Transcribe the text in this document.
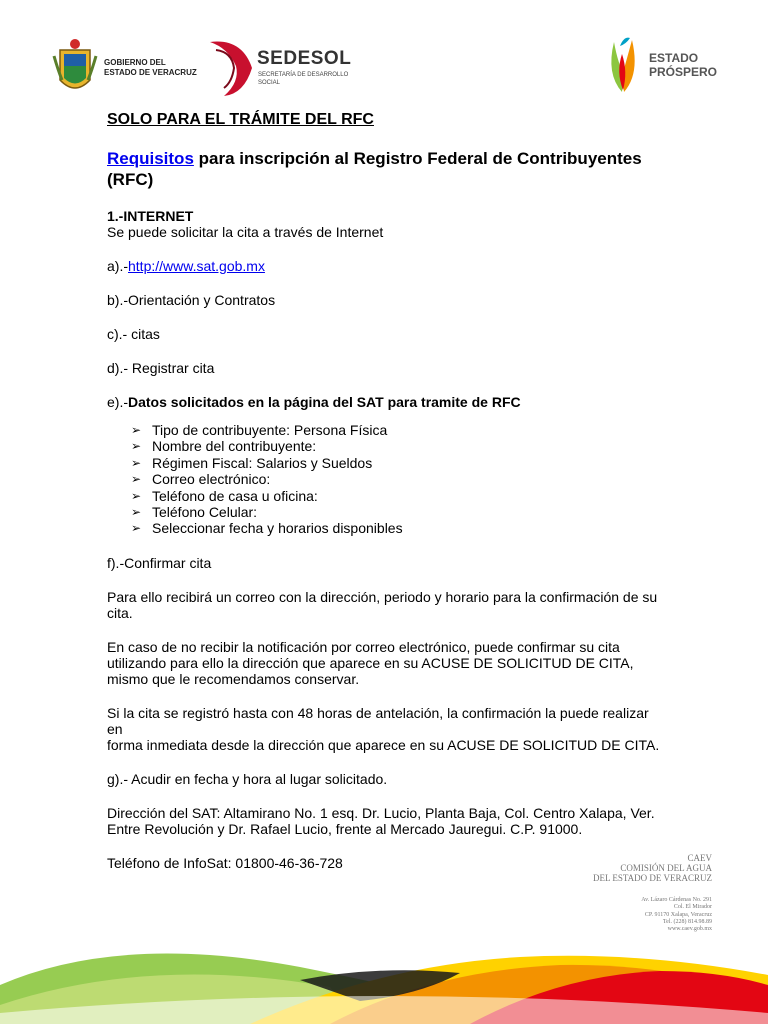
GOBIERNO DEL
ESTADO DE VERACRUZ
SEDESOL
SECRETARÍA DE DESARROLLO
SOCIAL
ESTADO
PRÓSPERO

SOLO PARA EL TRÁMITE DEL RFC

Requisitos para inscripción al Registro Federal de Contribuyentes (RFC)

1.-INTERNET
Se puede solicitar la cita a través de Internet
a).-http://www.sat.gob.mx
b).-Orientación y Contratos
c).- citas
d).- Registrar cita
e).-Datos solicitados en la página del SAT para tramite de RFC
➢ Tipo de contribuyente: Persona Física
➢ Nombre del contribuyente:
➢ Régimen Fiscal: Salarios y Sueldos
➢ Correo electrónico:
➢ Teléfono de casa u oficina:
➢ Teléfono Celular:
➢ Seleccionar fecha y horarios disponibles
f).-Confirmar cita
Para ello recibirá un correo con la dirección, periodo y horario para la confirmación de su
cita.
En caso de no recibir la notificación por correo electrónico, puede confirmar su cita
utilizando para ello la dirección que aparece en su ACUSE DE SOLICITUD DE CITA,
mismo que le recomendamos conservar.
Si la cita se registró hasta con 48 horas de antelación, la confirmación la puede realizar en
forma inmediata desde la dirección que aparece en su ACUSE DE SOLICITUD DE CITA.
g).- Acudir en fecha y hora al lugar solicitado.
Dirección del SAT: Altamirano No. 1 esq. Dr. Lucio, Planta Baja, Col. Centro Xalapa, Ver.
Entre Revolución y Dr. Rafael Lucio, frente al Mercado Jauregui. C.P. 91000.
Teléfono de InfoSat: 01800-46-36-728	CAEV
COMISIÓN DEL AGUA
DEL ESTADO DE VERACRUZ
Av. Lázaro Cárdenas No. 291
Col. El Mirador
CP. 91170 Xalapa, Veracruz
Tel. (228) 814.98.89
www.caev.gob.mx
